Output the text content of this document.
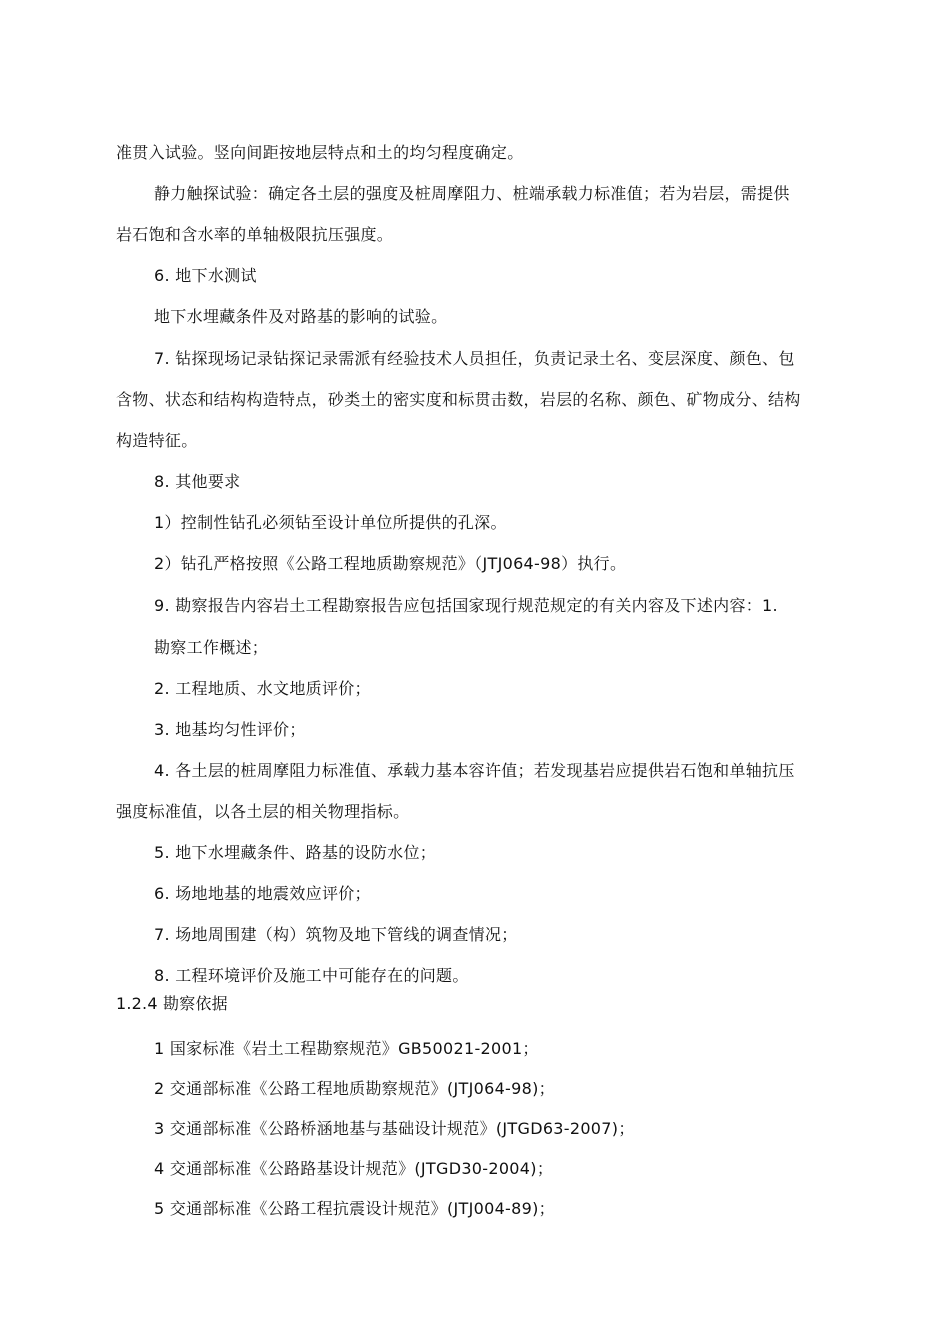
准贯入试验。竖向间距按地层特点和土的均匀程度确定。
静力触探试验：确定各土层的强度及桩周摩阻力、桩端承载力标准值；若为岩层，需提供
岩石饱和含水率的单轴极限抗压强度。
6. 地下水测试
地下水埋藏条件及对路基的影响的试验。
7. 钻探现场记录钻探记录需派有经验技术人员担任，负责记录土名、变层深度、颜色、包
含物、状态和结构构造特点，砂类土的密实度和标贯击数，岩层的名称、颜色、矿物成分、结构
构造特征。
8. 其他要求
1）控制性钻孔必须钻至设计单位所提供的孔深。
2）钻孔严格按照《公路工程地质勘察规范》（JTJ064-98）执行。
9. 勘察报告内容岩土工程勘察报告应包括国家现行规范规定的有关内容及下述内容：1.
勘察工作概述；
2. 工程地质、水文地质评价；
3. 地基均匀性评价；
4. 各土层的桩周摩阻力标准值、承载力基本容许值；若发现基岩应提供岩石饱和单轴抗压
强度标准值，以各土层的相关物理指标。
5. 地下水埋藏条件、路基的设防水位；
6. 场地地基的地震效应评价；
7. 场地周围建（构）筑物及地下管线的调查情况；
8. 工程环境评价及施工中可能存在的问题。
1.2.4 勘察依据
1 国家标准《岩土工程勘察规范》GB50021-2001；
2 交通部标准《公路工程地质勘察规范》(JTJ064-98)；
3 交通部标准《公路桥涵地基与基础设计规范》(JTGD63-2007)；
4 交通部标准《公路路基设计规范》(JTGD30-2004)；
5 交通部标准《公路工程抗震设计规范》(JTJ004-89)；
